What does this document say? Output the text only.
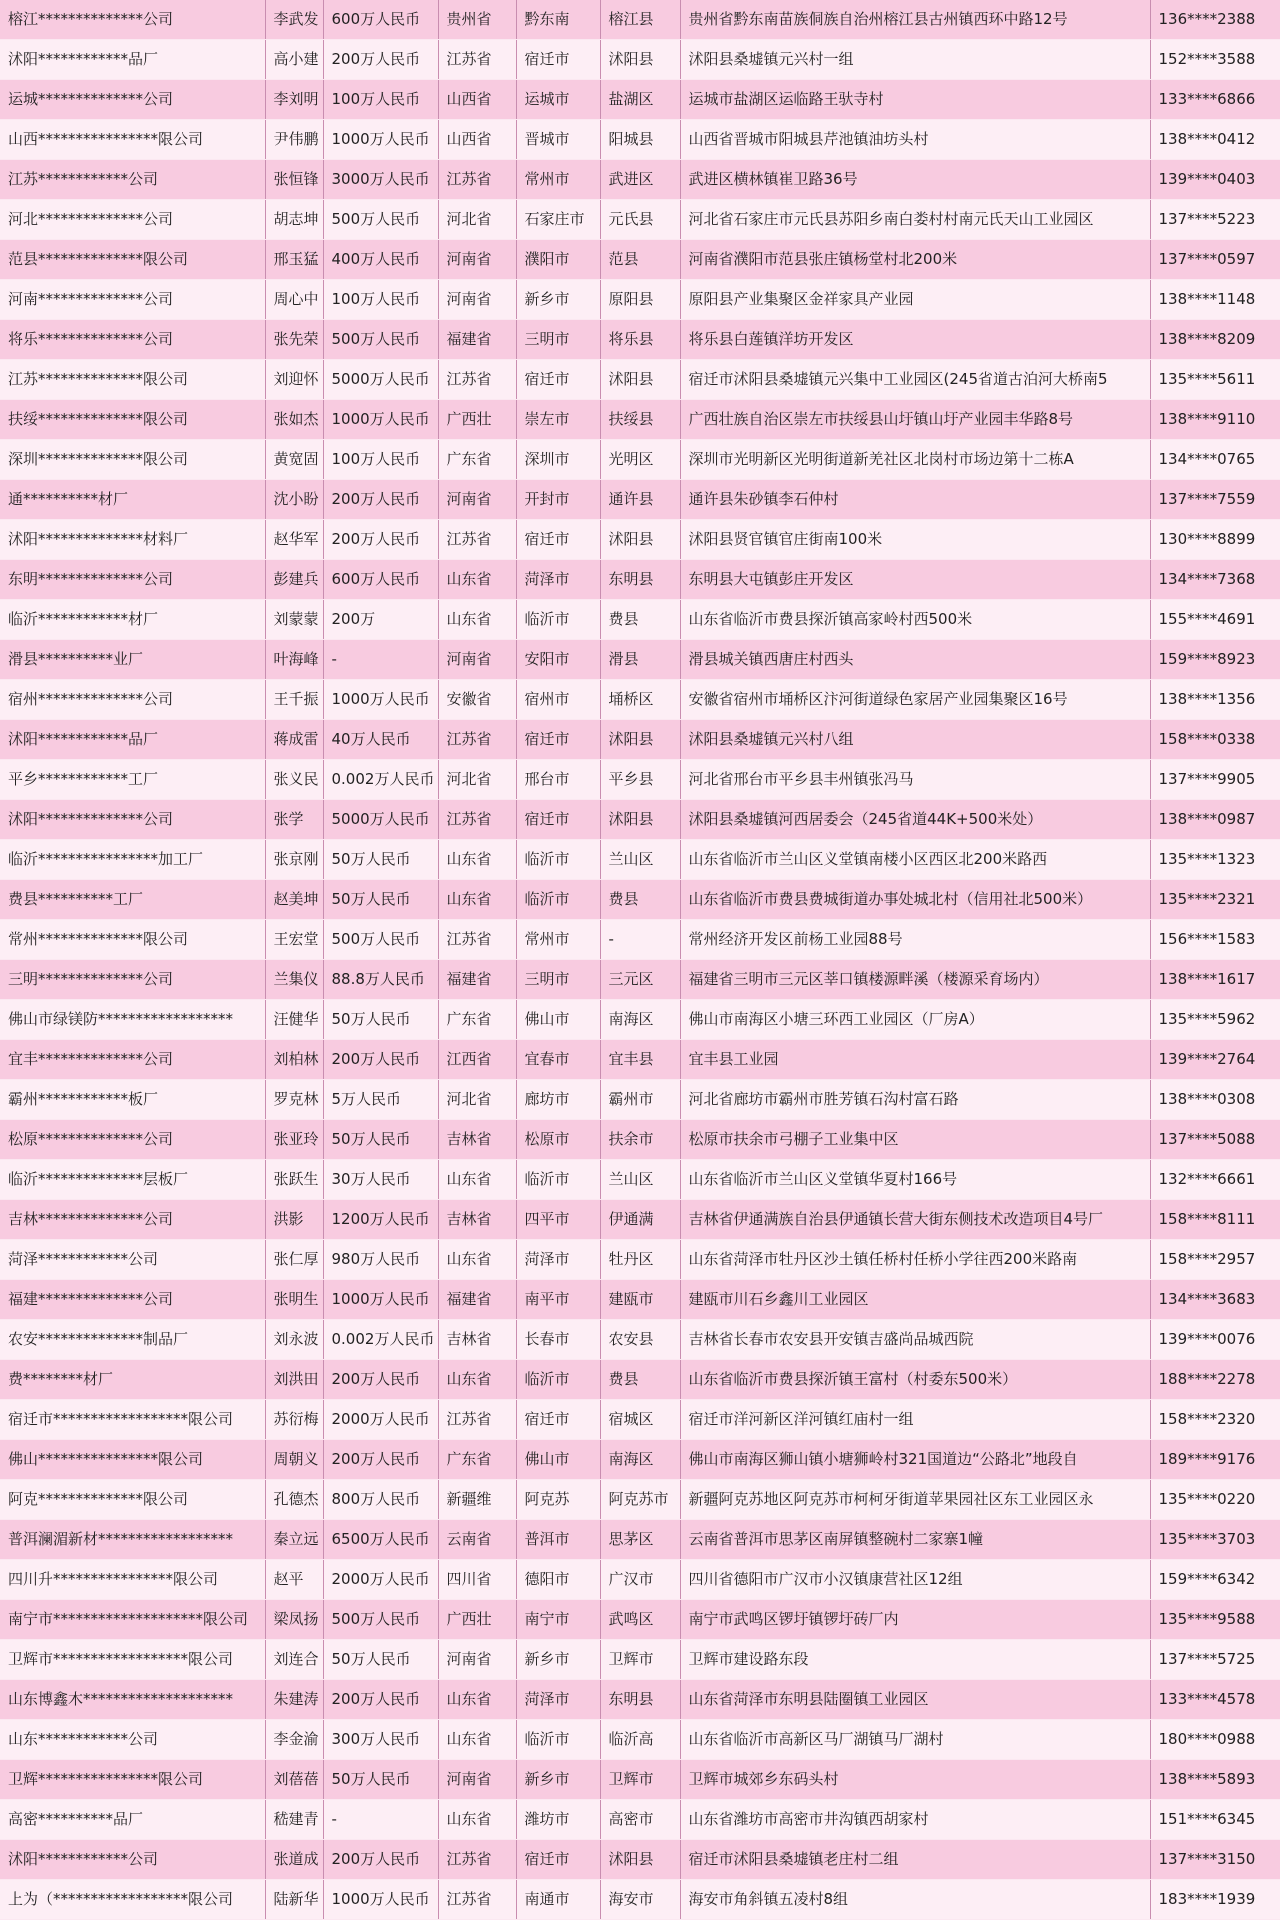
榕江**************公司	李武发	600万人民币	贵州省	黔东南	榕江县	贵州省黔东南苗族侗族自治州榕江县古州镇西环中路12号	136****2388
沭阳************品厂	高小建	200万人民币	江苏省	宿迁市	沭阳县	沭阳县桑墟镇元兴村一组	152****3588
运城**************公司	李刘明	100万人民币	山西省	运城市	盐湖区	运城市盐湖区运临路王驮寺村	133****6866
山西****************限公司	尹伟鹏	1000万人民币	山西省	晋城市	阳城县	山西省晋城市阳城县芹池镇油坊头村	138****0412
江苏************公司	张恒锋	3000万人民币	江苏省	常州市	武进区	武进区横林镇崔卫路36号	139****0403
河北**************公司	胡志坤	500万人民币	河北省	石家庄市	元氏县	河北省石家庄市元氏县苏阳乡南白娄村村南元氏天山工业园区	137****5223
范县**************限公司	邢玉猛	400万人民币	河南省	濮阳市	范县	河南省濮阳市范县张庄镇杨堂村北200米	137****0597
河南**************公司	周心中	100万人民币	河南省	新乡市	原阳县	原阳县产业集聚区金祥家具产业园	138****1148
将乐**************公司	张先荣	500万人民币	福建省	三明市	将乐县	将乐县白莲镇洋坊开发区	138****8209
江苏**************限公司	刘迎怀	5000万人民币	江苏省	宿迁市	沭阳县	宿迁市沭阳县桑墟镇元兴集中工业园区(245省道古泊河大桥南5	135****5611
扶绥**************限公司	张如杰	1000万人民币	广西壮	崇左市	扶绥县	广西壮族自治区崇左市扶绥县山圩镇山圩产业园丰华路8号	138****9110
深圳**************限公司	黄宽固	100万人民币	广东省	深圳市	光明区	深圳市光明新区光明街道新羌社区北岗村市场边第十二栋A	134****0765
通**********材厂	沈小盼	200万人民币	河南省	开封市	通许县	通许县朱砂镇李石仲村	137****7559
沭阳**************材料厂	赵华军	200万人民币	江苏省	宿迁市	沭阳县	沭阳县贤官镇官庄街南100米	130****8899
东明**************公司	彭建兵	600万人民币	山东省	菏泽市	东明县	东明县大屯镇彭庄开发区	134****7368
临沂************材厂	刘蒙蒙	200万	山东省	临沂市	费县	山东省临沂市费县探沂镇高家岭村西500米	155****4691
滑县**********业厂	叶海峰	-	河南省	安阳市	滑县	滑县城关镇西唐庄村西头	159****8923
宿州**************公司	王千振	1000万人民币	安徽省	宿州市	埇桥区	安徽省宿州市埇桥区汴河街道绿色家居产业园集聚区16号	138****1356
沭阳************品厂	蒋成雷	40万人民币	江苏省	宿迁市	沭阳县	沭阳县桑墟镇元兴村八组	158****0338
平乡************工厂	张义民	0.002万人民币	河北省	邢台市	平乡县	河北省邢台市平乡县丰州镇张冯马	137****9905
沭阳**************公司	张学	5000万人民币	江苏省	宿迁市	沭阳县	沭阳县桑墟镇河西居委会（245省道44K+500米处）	138****0987
临沂****************加工厂	张京刚	50万人民币	山东省	临沂市	兰山区	山东省临沂市兰山区义堂镇南楼小区西区北200米路西	135****1323
费县**********工厂	赵美坤	50万人民币	山东省	临沂市	费县	山东省临沂市费县费城街道办事处城北村（信用社北500米）	135****2321
常州**************限公司	王宏堂	500万人民币	江苏省	常州市	-	常州经济开发区前杨工业园88号	156****1583
三明**************公司	兰集仪	88.8万人民币	福建省	三明市	三元区	福建省三明市三元区莘口镇楼源畔溪（楼源采育场内）	138****1617
佛山市绿镁防******************	汪健华	50万人民币	广东省	佛山市	南海区	佛山市南海区小塘三环西工业园区（厂房A）	135****5962
宜丰**************公司	刘柏林	200万人民币	江西省	宜春市	宜丰县	宜丰县工业园	139****2764
霸州************板厂	罗克林	5万人民币	河北省	廊坊市	霸州市	河北省廊坊市霸州市胜芳镇石沟村富石路	138****0308
松原**************公司	张亚玲	50万人民币	吉林省	松原市	扶余市	松原市扶余市弓棚子工业集中区	137****5088
临沂**************层板厂	张跃生	30万人民币	山东省	临沂市	兰山区	山东省临沂市兰山区义堂镇华夏村166号	132****6661
吉林**************公司	洪影	1200万人民币	吉林省	四平市	伊通满	吉林省伊通满族自治县伊通镇长营大街东侧技术改造项目4号厂	158****8111
菏泽************公司	张仁厚	980万人民币	山东省	菏泽市	牡丹区	山东省菏泽市牡丹区沙土镇任桥村任桥小学往西200米路南	158****2957
福建**************公司	张明生	1000万人民币	福建省	南平市	建瓯市	建瓯市川石乡鑫川工业园区	134****3683
农安**************制品厂	刘永波	0.002万人民币	吉林省	长春市	农安县	吉林省长春市农安县开安镇吉盛尚品城西院	139****0076
费********材厂	刘洪田	200万人民币	山东省	临沂市	费县	山东省临沂市费县探沂镇王富村（村委东500米）	188****2278
宿迁市******************限公司	苏衍梅	2000万人民币	江苏省	宿迁市	宿城区	宿迁市洋河新区洋河镇红庙村一组	158****2320
佛山****************限公司	周朝义	200万人民币	广东省	佛山市	南海区	佛山市南海区狮山镇小塘狮岭村321国道边“公路北”地段自	189****9176
阿克**************限公司	孔德杰	800万人民币	新疆维	阿克苏	阿克苏市	新疆阿克苏地区阿克苏市柯柯牙街道苹果园社区东工业园区永	135****0220
普洱澜湄新材******************	秦立远	6500万人民币	云南省	普洱市	思茅区	云南省普洱市思茅区南屏镇整碗村二家寨1幢	135****3703
四川升****************限公司	赵平	2000万人民币	四川省	德阳市	广汉市	四川省德阳市广汉市小汉镇康营社区12组	159****6342
南宁市********************限公司	梁凤扬	500万人民币	广西壮	南宁市	武鸣区	南宁市武鸣区锣圩镇锣圩砖厂内	135****9588
卫辉市******************限公司	刘连合	50万人民币	河南省	新乡市	卫辉市	卫辉市建设路东段	137****5725
山东博鑫木********************	朱建涛	200万人民币	山东省	菏泽市	东明县	山东省菏泽市东明县陆圈镇工业园区	133****4578
山东************公司	李金渝	300万人民币	山东省	临沂市	临沂高	山东省临沂市高新区马厂湖镇马厂湖村	180****0988
卫辉****************限公司	刘蓓蓓	50万人民币	河南省	新乡市	卫辉市	卫辉市城郊乡东码头村	138****5893
高密**********品厂	嵇建青	-	山东省	潍坊市	高密市	山东省潍坊市高密市井沟镇西胡家村	151****6345
沭阳************公司	张道成	200万人民币	江苏省	宿迁市	沭阳县	宿迁市沭阳县桑墟镇老庄村二组	137****3150
上为（******************限公司	陆新华	1000万人民币	江苏省	南通市	海安市	海安市角斜镇五凌村8组	183****1939
